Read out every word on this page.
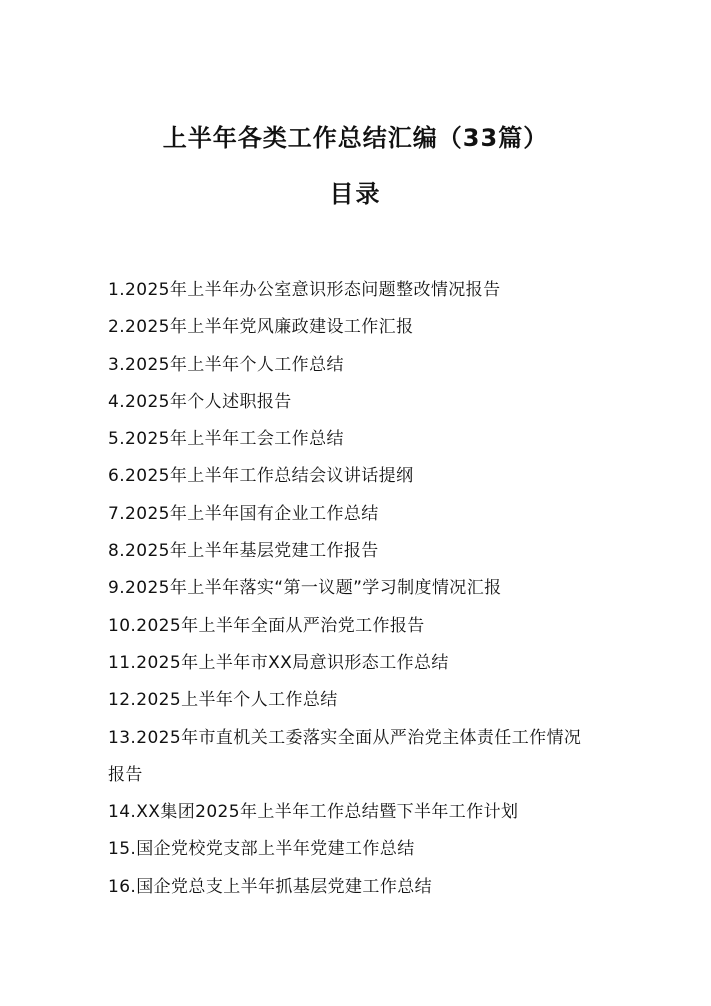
上半年各类工作总结汇编（33篇）
目录
1.2025年上半年办公室意识形态问题整改情况报告
2.2025年上半年党风廉政建设工作汇报
3.2025年上半年个人工作总结
4.2025年个人述职报告
5.2025年上半年工会工作总结
6.2025年上半年工作总结会议讲话提纲
7.2025年上半年国有企业工作总结
8.2025年上半年基层党建工作报告
9.2025年上半年落实“第一议题”学习制度情况汇报
10.2025年上半年全面从严治党工作报告
11.2025年上半年市XX局意识形态工作总结
12.2025上半年个人工作总结
13.2025年市直机关工委落实全面从严治党主体责任工作情况报告
14.XX集团2025年上半年工作总结暨下半年工作计划
15.国企党校党支部上半年党建工作总结
16.国企党总支上半年抓基层党建工作总结
